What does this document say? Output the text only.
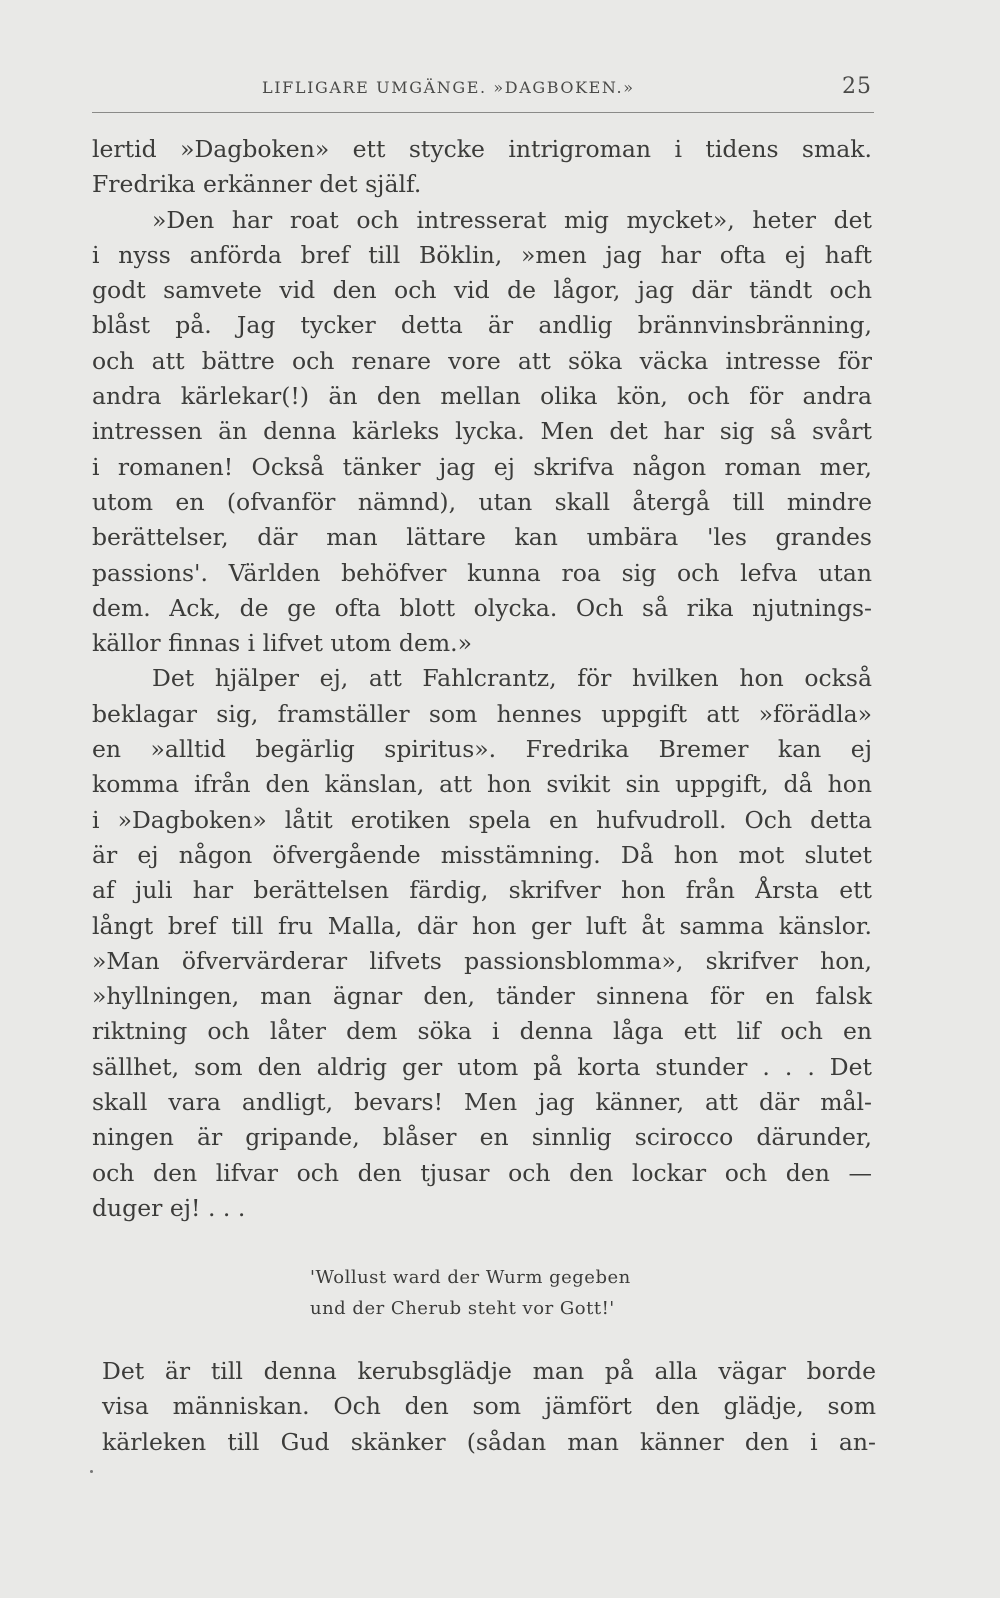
LIFLIGARE UMGÄNGE. »DAGBOKEN.»	25
lertid »Dagboken» ett stycke intrigroman i tidens smak.
Fredrika erkänner det själf.
»Den har roat och intresserat mig mycket», heter det
i nyss anförda bref till Böklin, »men jag har ofta ej haft
godt samvete vid den och vid de lågor, jag där tändt och
blåst på. Jag tycker detta är andlig brännvinsbränning,
och att bättre och renare vore att söka väcka intresse för
andra kärlekar(!) än den mellan olika kön, och för andra
intressen än denna kärleks lycka. Men det har sig så svårt
i romanen! Också tänker jag ej skrifva någon roman mer,
utom en (ofvanför nämnd), utan skall återgå till mindre
berättelser, där man lättare kan umbära 'les grandes
passions'. Världen behöfver kunna roa sig och lefva utan
dem. Ack, de ge ofta blott olycka. Och så rika njutnings-
källor finnas i lifvet utom dem.»
Det hjälper ej, att Fahlcrantz, för hvilken hon också
beklagar sig, framställer som hennes uppgift att »förädla»
en »alltid begärlig spiritus». Fredrika Bremer kan ej
komma ifrån den känslan, att hon svikit sin uppgift, då hon
i »Dagboken» låtit erotiken spela en hufvudroll. Och detta
är ej någon öfvergående misstämning. Då hon mot slutet
af juli har berättelsen färdig, skrifver hon från Årsta ett
långt bref till fru Malla, där hon ger luft åt samma känslor.
»Man öfvervärderar lifvets passionsblomma», skrifver hon,
»hyllningen, man ägnar den, tänder sinnena för en falsk
riktning och låter dem söka i denna låga ett lif och en
sällhet, som den aldrig ger utom på korta stunder . . . Det
skall vara andligt, bevars! Men jag känner, att där mål-
ningen är gripande, blåser en sinnlig scirocco därunder,
och den lifvar och den tjusar och den lockar och den —
duger ej! . . .
'Wollust ward der Wurm gegeben
und der Cherub steht vor Gott!'
Det är till denna kerubsglädje man på alla vägar borde
visa människan. Och den som jämfört den glädje, som
kärleken till Gud skänker (sådan man känner den i an-
